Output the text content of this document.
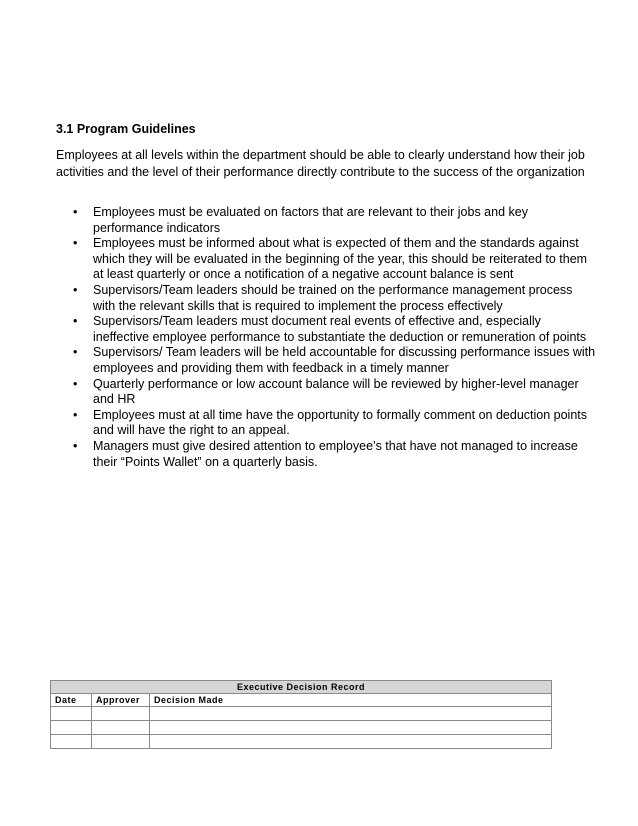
3.1 Program Guidelines
Employees at all levels within the department should be able to clearly understand how their job activities and the level of their performance directly contribute to the success of the organization
• Employees must be evaluated on factors that are relevant to their jobs and key performance indicators
• Employees must be informed about what is expected of them and the standards against which they will be evaluated in the beginning of the year, this should be reiterated to them at least quarterly or once a notification of a negative account balance is sent
• Supervisors/Team leaders should be trained on the performance management process with the relevant skills that is required to implement the process effectively
• Supervisors/Team leaders must document real events of effective and, especially ineffective employee performance to substantiate the deduction or remuneration of points
• Supervisors/ Team leaders will be held accountable for discussing performance issues with employees and providing them with feedback in a timely manner
• Quarterly performance or low account balance will be reviewed by higher-level manager and HR
• Employees must at all time have the opportunity to formally comment on deduction points and will have the right to an appeal.
• Managers must give desired attention to employee’s that have not managed to increase their “Points Wallet” on a quarterly basis.
Executive Decision Record		
Date	Approver	Decision Made
